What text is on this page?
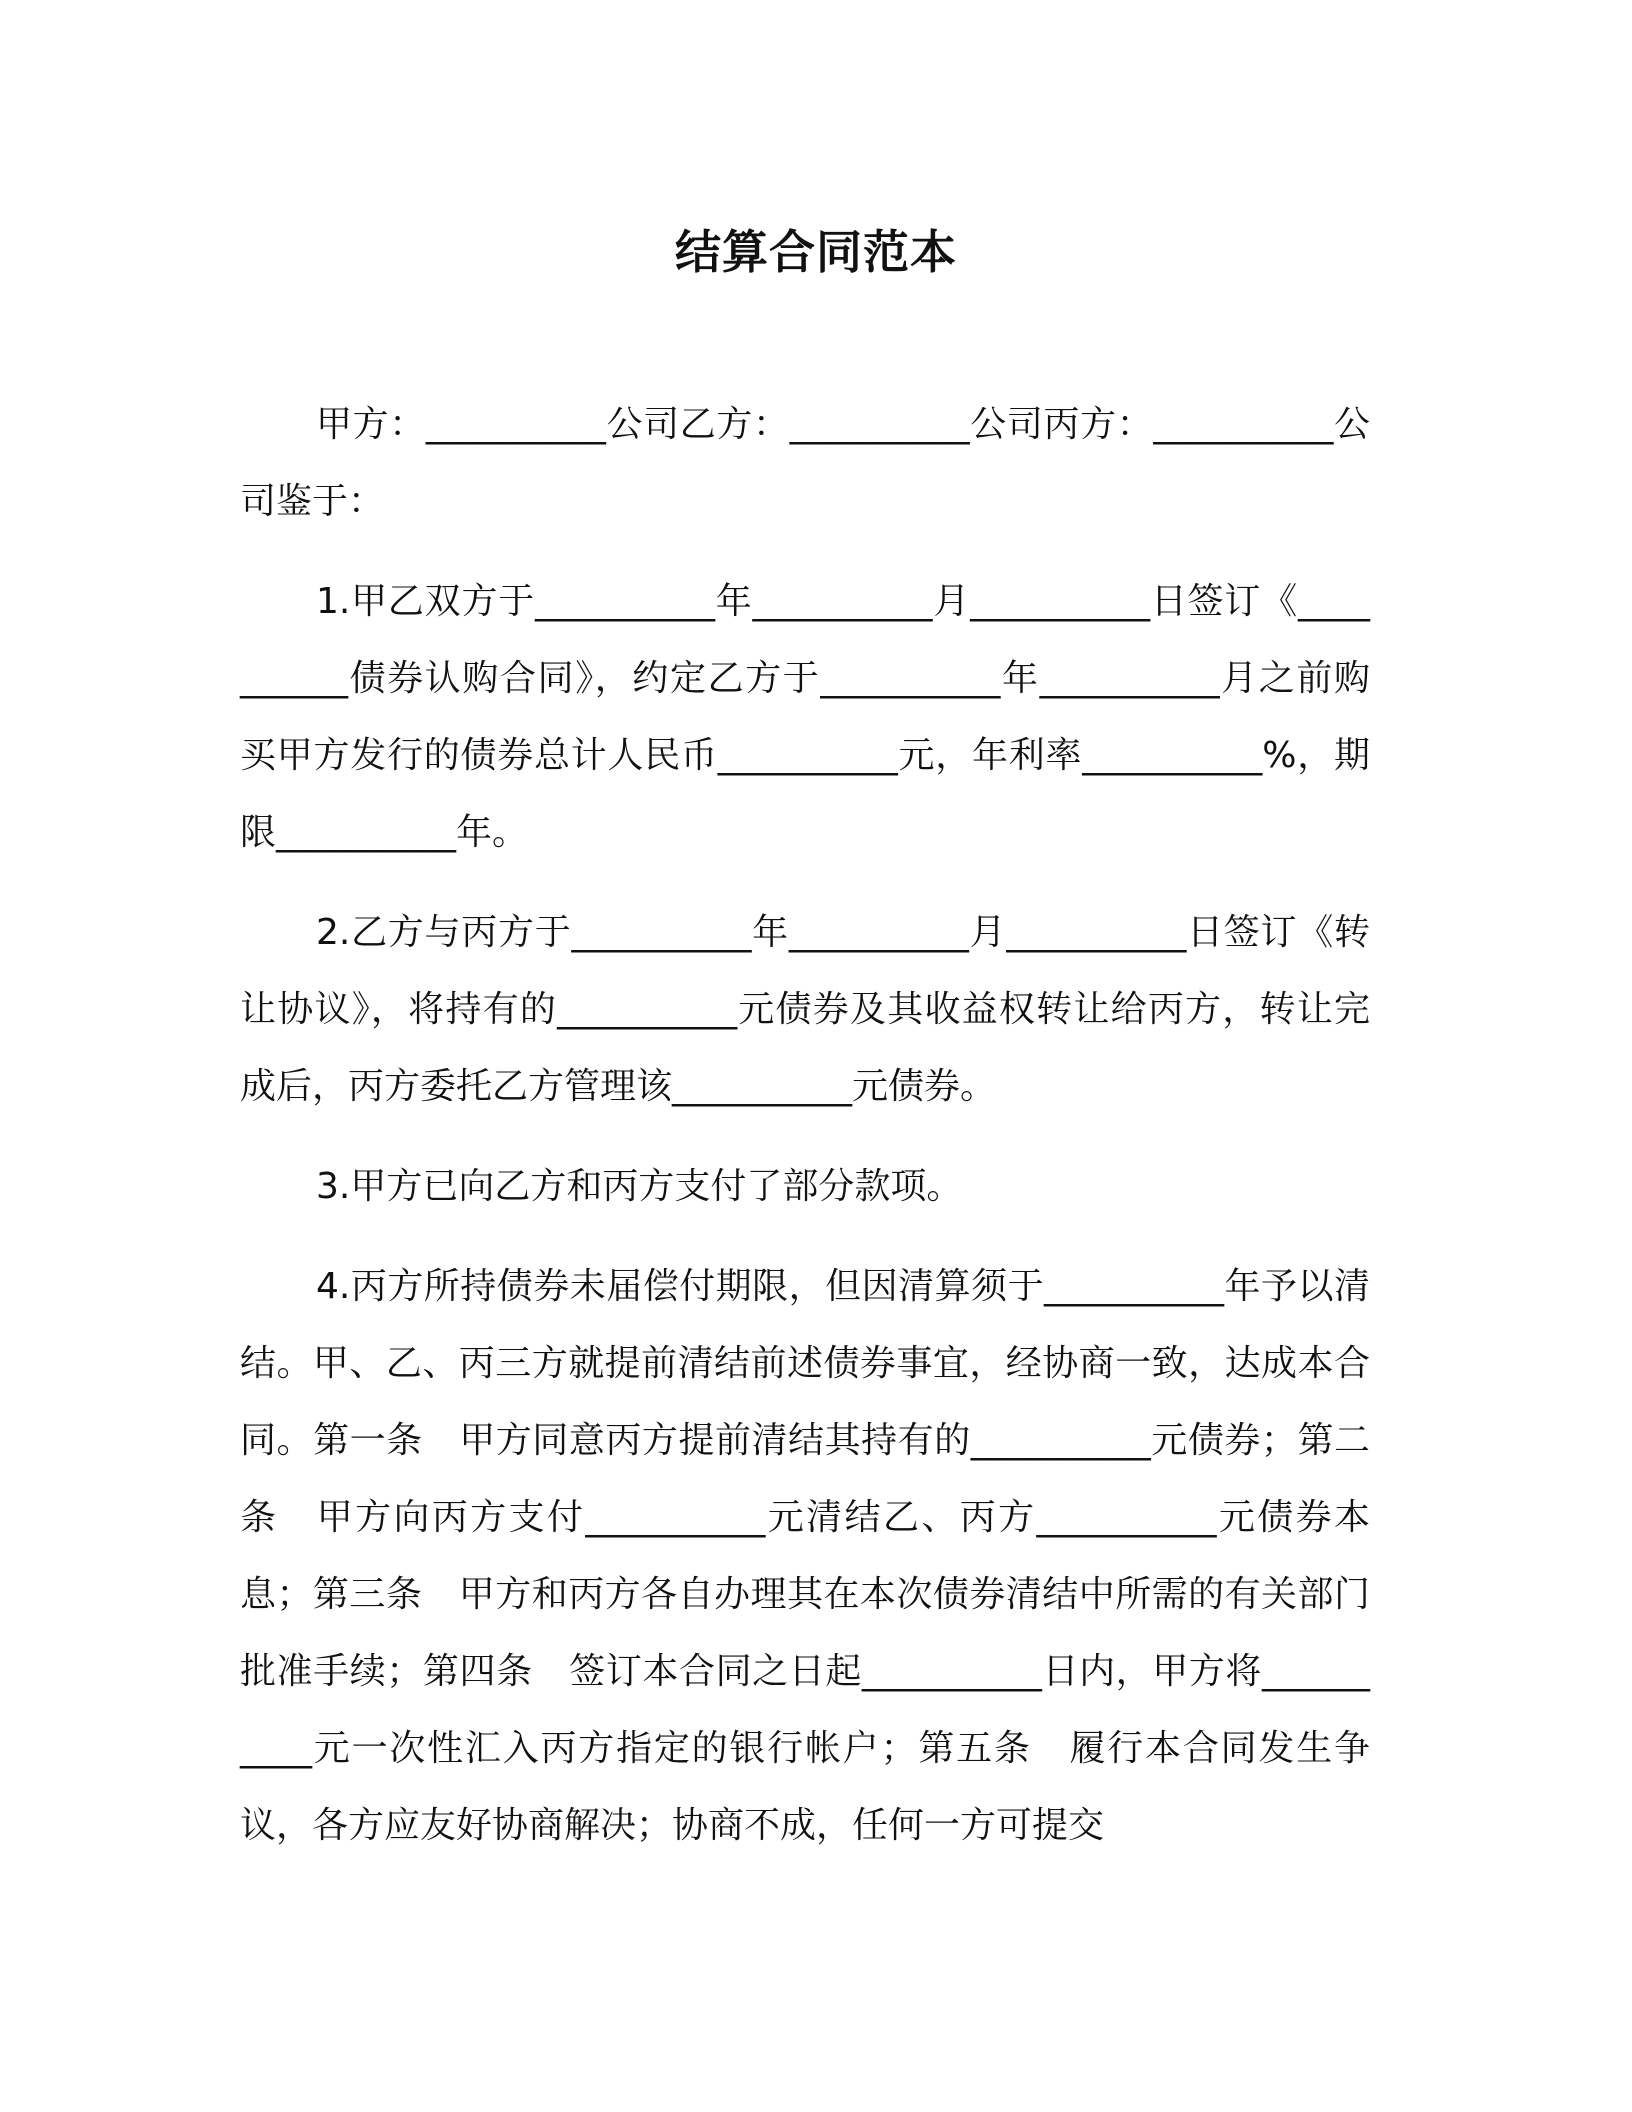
结算合同范本

甲方：__________公司乙方：__________公司丙方：__________公司鉴于：

1.甲乙双方于__________年__________月__________日签订《__________债券认购合同》，约定乙方于__________年__________月之前购买甲方发行的债券总计人民币__________元，年利率__________%，期限__________年。

2.乙方与丙方于__________年__________月__________日签订《转让协议》，将持有的__________元债券及其收益权转让给丙方，转让完成后，丙方委托乙方管理该__________元债券。

3.甲方已向乙方和丙方支付了部分款项。

4.丙方所持债券未届偿付期限，但因清算须于__________年予以清结。甲、乙、丙三方就提前清结前述债券事宜，经协商一致，达成本合同。第一条　甲方同意丙方提前清结其持有的__________元债券；第二条　甲方向丙方支付__________元清结乙、丙方__________元债券本息；第三条　甲方和丙方各自办理其在本次债券清结中所需的有关部门批准手续；第四条　签订本合同之日起__________日内，甲方将__________元一次性汇入丙方指定的银行帐户；第五条　履行本合同发生争议，各方应友好协商解决；协商不成，任何一方可提交
